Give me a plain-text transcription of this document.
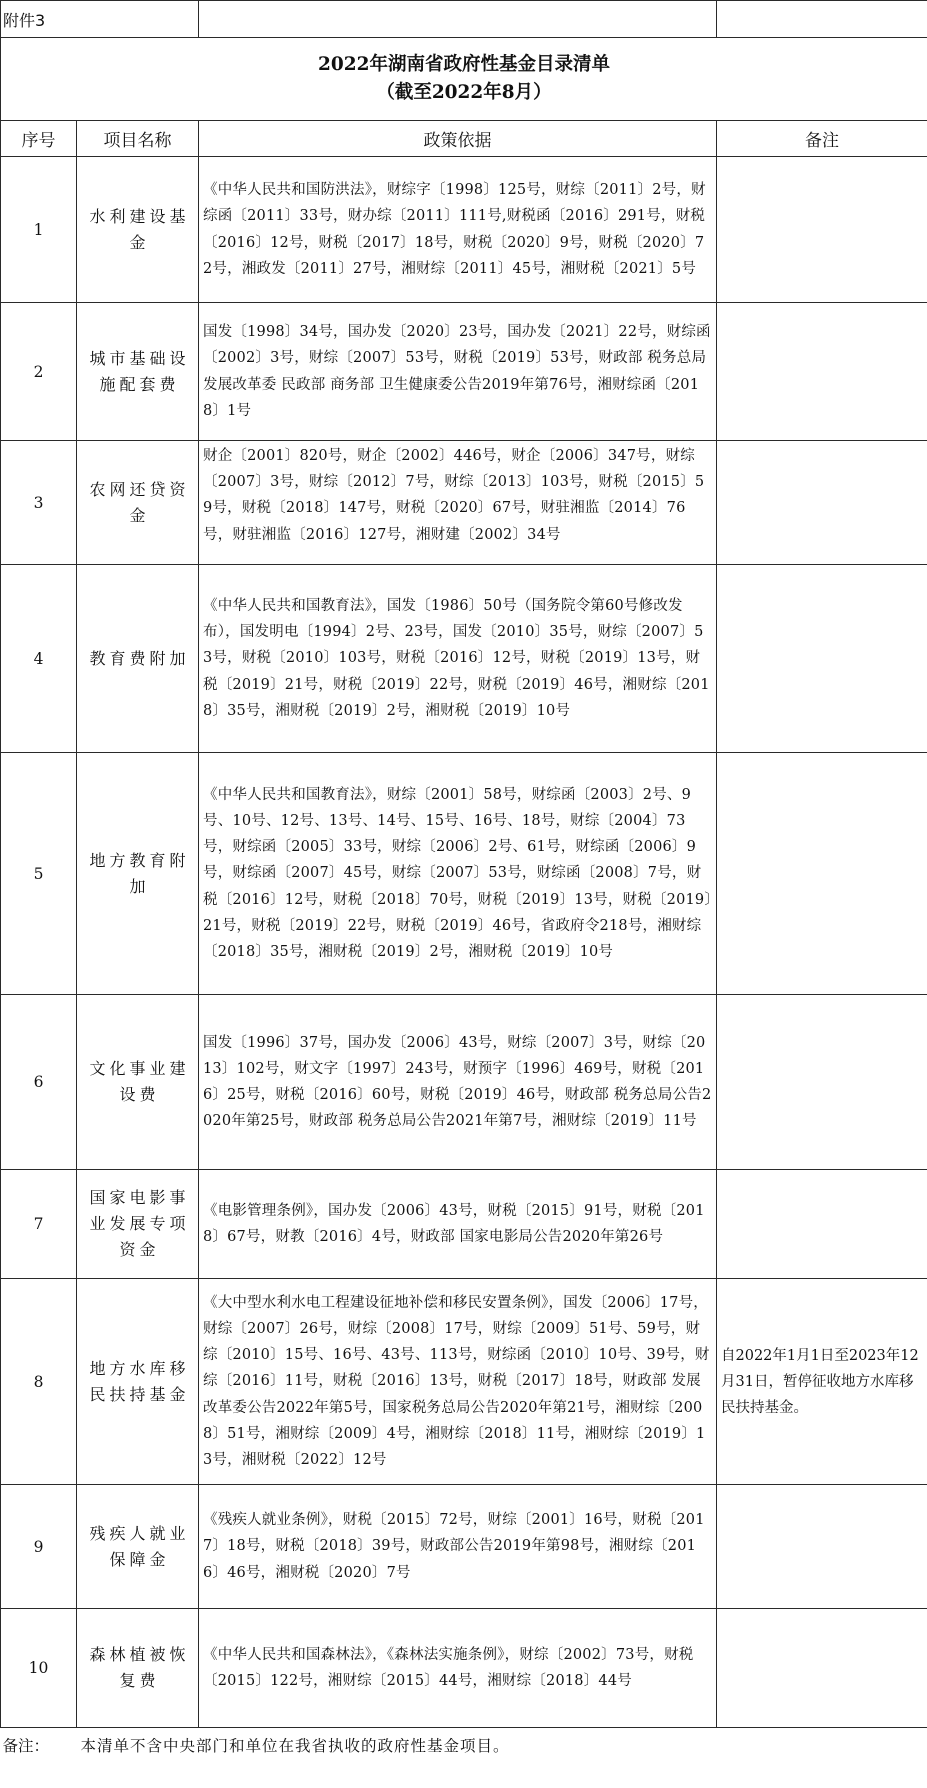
附件3			

2022年湖南省政府性基金目录清单
（截至2022年8月）			

序号	项目名称	政策依据	备注
1	水利建设基金	《中华人民共和国防洪法》，财综字〔1998〕125号，财综〔2011〕2号，财综函〔2011〕33号，财办综〔2011〕111号,财税函〔2016〕291号，财税〔2016〕12号，财税〔2017〕18号，财税〔2020〕9号，财税〔2020〕72号，湘政发〔2011〕27号，湘财综〔2011〕45号，湘财税〔2021〕5号	
2	城市基础设施配套费	国发〔1998〕34号，国办发〔2020〕23号，国办发〔2021〕22号，财综函〔2002〕3号，财综〔2007〕53号，财税〔2019〕53号，财政部 税务总局 发展改革委 民政部 商务部 卫生健康委公告2019年第76号，湘财综函〔2018〕1号	
3	农网还贷资金	财企〔2001〕820号，财企〔2002〕446号，财企〔2006〕347号，财综〔2007〕3号，财综〔2012〕7号，财综〔2013〕103号，财税〔2015〕59号，财税〔2018〕147号，财税〔2020〕67号，财驻湘监〔2014〕76号，财驻湘监〔2016〕127号，湘财建〔2002〕34号	

4	教育费附加	《中华人民共和国教育法》，国发〔1986〕50号（国务院令第60号修改发布），国发明电〔1994〕2号、23号，国发〔2010〕35号，财综〔2007〕53号，财税〔2010〕103号，财税〔2016〕12号，财税〔2019〕13号，财税〔2019〕21号，财税〔2019〕22号，财税〔2019〕46号，湘财综〔2018〕35号，湘财税〔2019〕2号，湘财税〔2019〕10号	
5	地方教育附加	《中华人民共和国教育法》，财综〔2001〕58号，财综函〔2003〕2号、9号、10号、12号、13号、14号、15号、16号、18号，财综〔2004〕73号，财综函〔2005〕33号，财综〔2006〕2号、61号，财综函〔2006〕9号，财综函〔2007〕45号，财综〔2007〕53号，财综函〔2008〕7号，财税〔2016〕12号，财税〔2018〕70号，财税〔2019〕13号，财税〔2019〕21号，财税〔2019〕22号，财税〔2019〕46号，省政府令218号，湘财综〔2018〕35号，湘财税〔2019〕2号，湘财税〔2019〕10号	
6	文化事业建设费	国发〔1996〕37号，国办发〔2006〕43号，财综〔2007〕3号，财综〔2013〕102号，财文字〔1997〕243号，财预字〔1996〕469号，财税〔2016〕25号，财税〔2016〕60号，财税〔2019〕46号，财政部 税务总局公告2020年第25号，财政部 税务总局公告2021年第7号，湘财综〔2019〕11号	
7	国家电影事业发展专项资金	《电影管理条例》，国办发〔2006〕43号，财税〔2015〕91号，财税〔2018〕67号，财教〔2016〕4号，财政部 国家电影局公告2020年第26号	
8	地方水库移民扶持基金	《大中型水利水电工程建设征地补偿和移民安置条例》，国发〔2006〕17号，财综〔2007〕26号，财综〔2008〕17号，财综〔2009〕51号、59号，财综〔2010〕15号、16号、43号、113号，财综函〔2010〕10号、39号，财综〔2016〕11号，财税〔2016〕13号，财税〔2017〕18号，财政部 发展改革委公告2022年第5号，国家税务总局公告2020年第21号，湘财综〔2008〕51号，湘财综〔2009〕4号，湘财综〔2018〕11号，湘财综〔2019〕13号，湘财税〔2022〕12号	自2022年1月1日至2023年12月31日，暂停征收地方水库移民扶持基金。
9	残疾人就业保障金	《残疾人就业条例》，财税〔2015〕72号，财综〔2001〕16号，财税〔2017〕18号，财税〔2018〕39号，财政部公告2019年第98号，湘财综〔2016〕46号，湘财税〔2020〕7号	
10	森林植被恢复费	《中华人民共和国森林法》，《森林法实施条例》，财综〔2002〕73号，财税〔2015〕122号，湘财综〔2015〕44号，湘财综〔2018〕44号	
备注：	本清单不含中央部门和单位在我省执收的政府性基金项目。		
